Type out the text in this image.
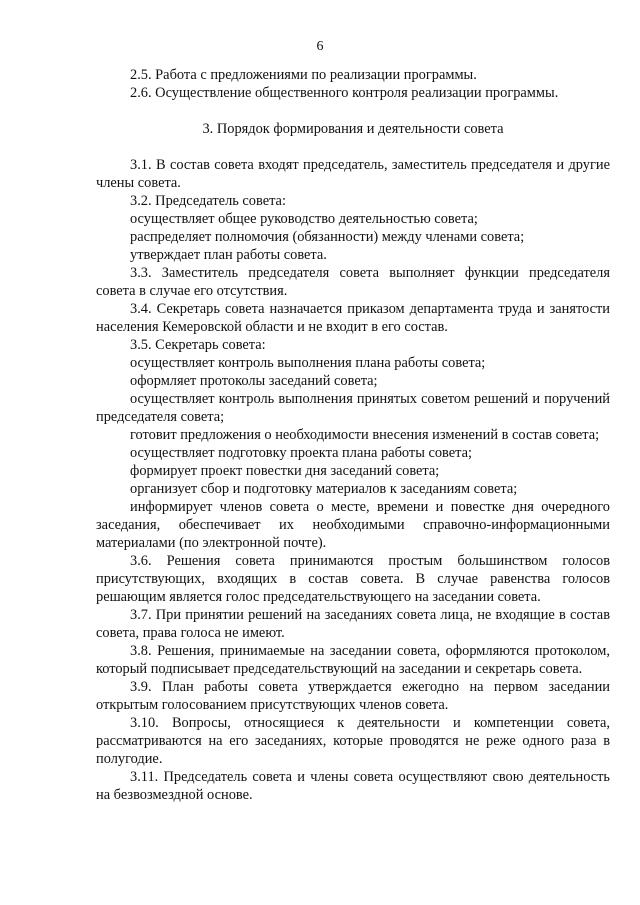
6

2.5. Работа с предложениями по реализации программы.

2.6. Осуществление общественного контроля реализации программы.

3. Порядок формирования и деятельности совета

3.1. В состав совета входят председатель, заместитель председателя и другие члены совета.

3.2. Председатель совета:

осуществляет общее руководство деятельностью совета;

распределяет полномочия (обязанности) между членами совета;

утверждает план работы совета.

3.3. Заместитель председателя совета выполняет функции председателя совета в случае его отсутствия.

3.4. Секретарь совета назначается приказом департамента труда и занятости населения Кемеровской области и не входит в его состав.

3.5. Секретарь совета:

осуществляет контроль выполнения плана работы совета;

оформляет протоколы заседаний совета;

осуществляет контроль выполнения принятых советом решений и поручений председателя совета;

готовит предложения о необходимости внесения изменений в состав совета;

осуществляет подготовку проекта плана работы совета;

формирует проект повестки дня заседаний совета;

организует сбор и подготовку материалов к заседаниям совета;

информирует членов совета о месте, времени и повестке дня очередного заседания, обеспечивает их необходимыми справочно-информационными материалами (по электронной почте).

3.6. Решения совета принимаются простым большинством голосов присутствующих, входящих в состав совета. В случае равенства голосов решающим является голос председательствующего на заседании совета.

3.7. При принятии решений на заседаниях совета лица, не входящие в состав совета, права голоса не имеют.

3.8. Решения, принимаемые на заседании совета, оформляются протоколом, который подписывает председательствующий на заседании и секретарь совета.

3.9. План работы совета утверждается ежегодно на первом заседании открытым голосованием присутствующих членов совета.

3.10. Вопросы, относящиеся к деятельности и компетенции совета, рассматриваются на его заседаниях, которые проводятся не реже одного раза в полугодие.

3.11. Председатель совета и члены совета осуществляют свою деятельность на безвозмездной основе.
